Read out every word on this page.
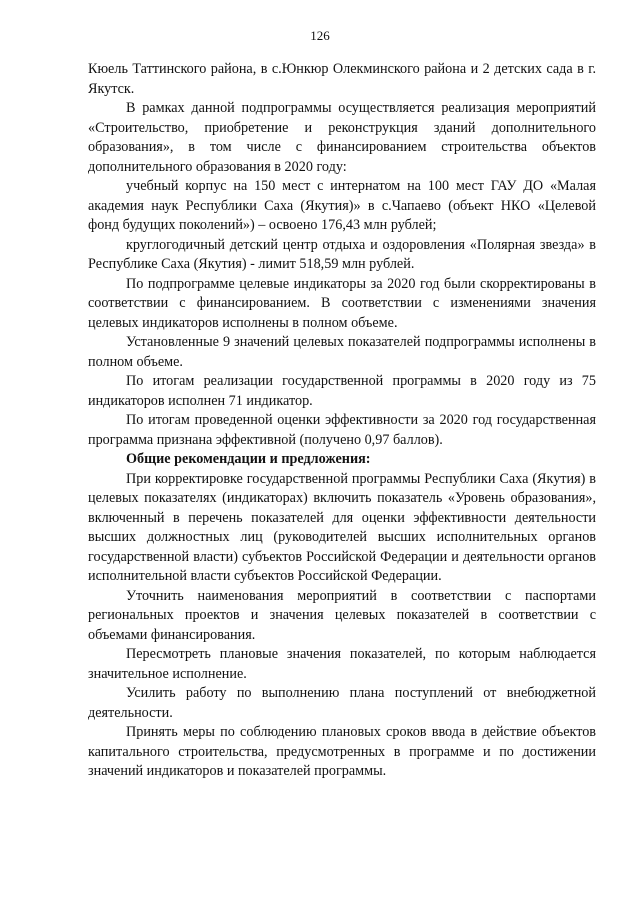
126

Кюель Таттинского района, в с.Юнкюр Олекминского района и 2 детских сада в г. Якутск.

В рамках данной подпрограммы осуществляется реализация мероприятий «Строительство, приобретение и реконструкция зданий дополнительного образования», в том числе с финансированием строительства объектов дополнительного образования в 2020 году:

учебный корпус на 150 мест с интернатом на 100 мест ГАУ ДО «Малая академия наук Республики Саха (Якутия)» в с.Чапаево (объект НКО «Целевой фонд будущих поколений») – освоено 176,43 млн рублей;

круглогодичный детский центр отдыха и оздоровления «Полярная звезда» в Республике Саха (Якутия) - лимит 518,59 млн рублей.

По подпрограмме целевые индикаторы за 2020 год были скорректированы в соответствии с финансированием. В соответствии с изменениями значения целевых индикаторов исполнены в полном объеме.

Установленные 9 значений целевых показателей подпрограммы исполнены в полном объеме.

По итогам реализации государственной программы в 2020 году из 75 индикаторов исполнен 71 индикатор.

По итогам проведенной оценки эффективности за 2020 год государственная программа признана эффективной (получено 0,97 баллов).

Общие рекомендации и предложения:

При корректировке государственной программы Республики Саха (Якутия) в целевых показателях (индикаторах) включить показатель «Уровень образования», включенный в перечень показателей для оценки эффективности деятельности высших должностных лиц (руководителей высших исполнительных органов государственной власти) субъектов Российской Федерации и деятельности органов исполнительной власти субъектов Российской Федерации.

Уточнить наименования мероприятий в соответствии с паспортами региональных проектов и значения целевых показателей в соответствии с объемами финансирования.

Пересмотреть плановые значения показателей, по которым наблюдается значительное исполнение.

Усилить работу по выполнению плана поступлений от внебюджетной деятельности.

Принять меры по соблюдению плановых сроков ввода в действие объектов капитального строительства, предусмотренных в программе и по достижении значений индикаторов и показателей программы.
